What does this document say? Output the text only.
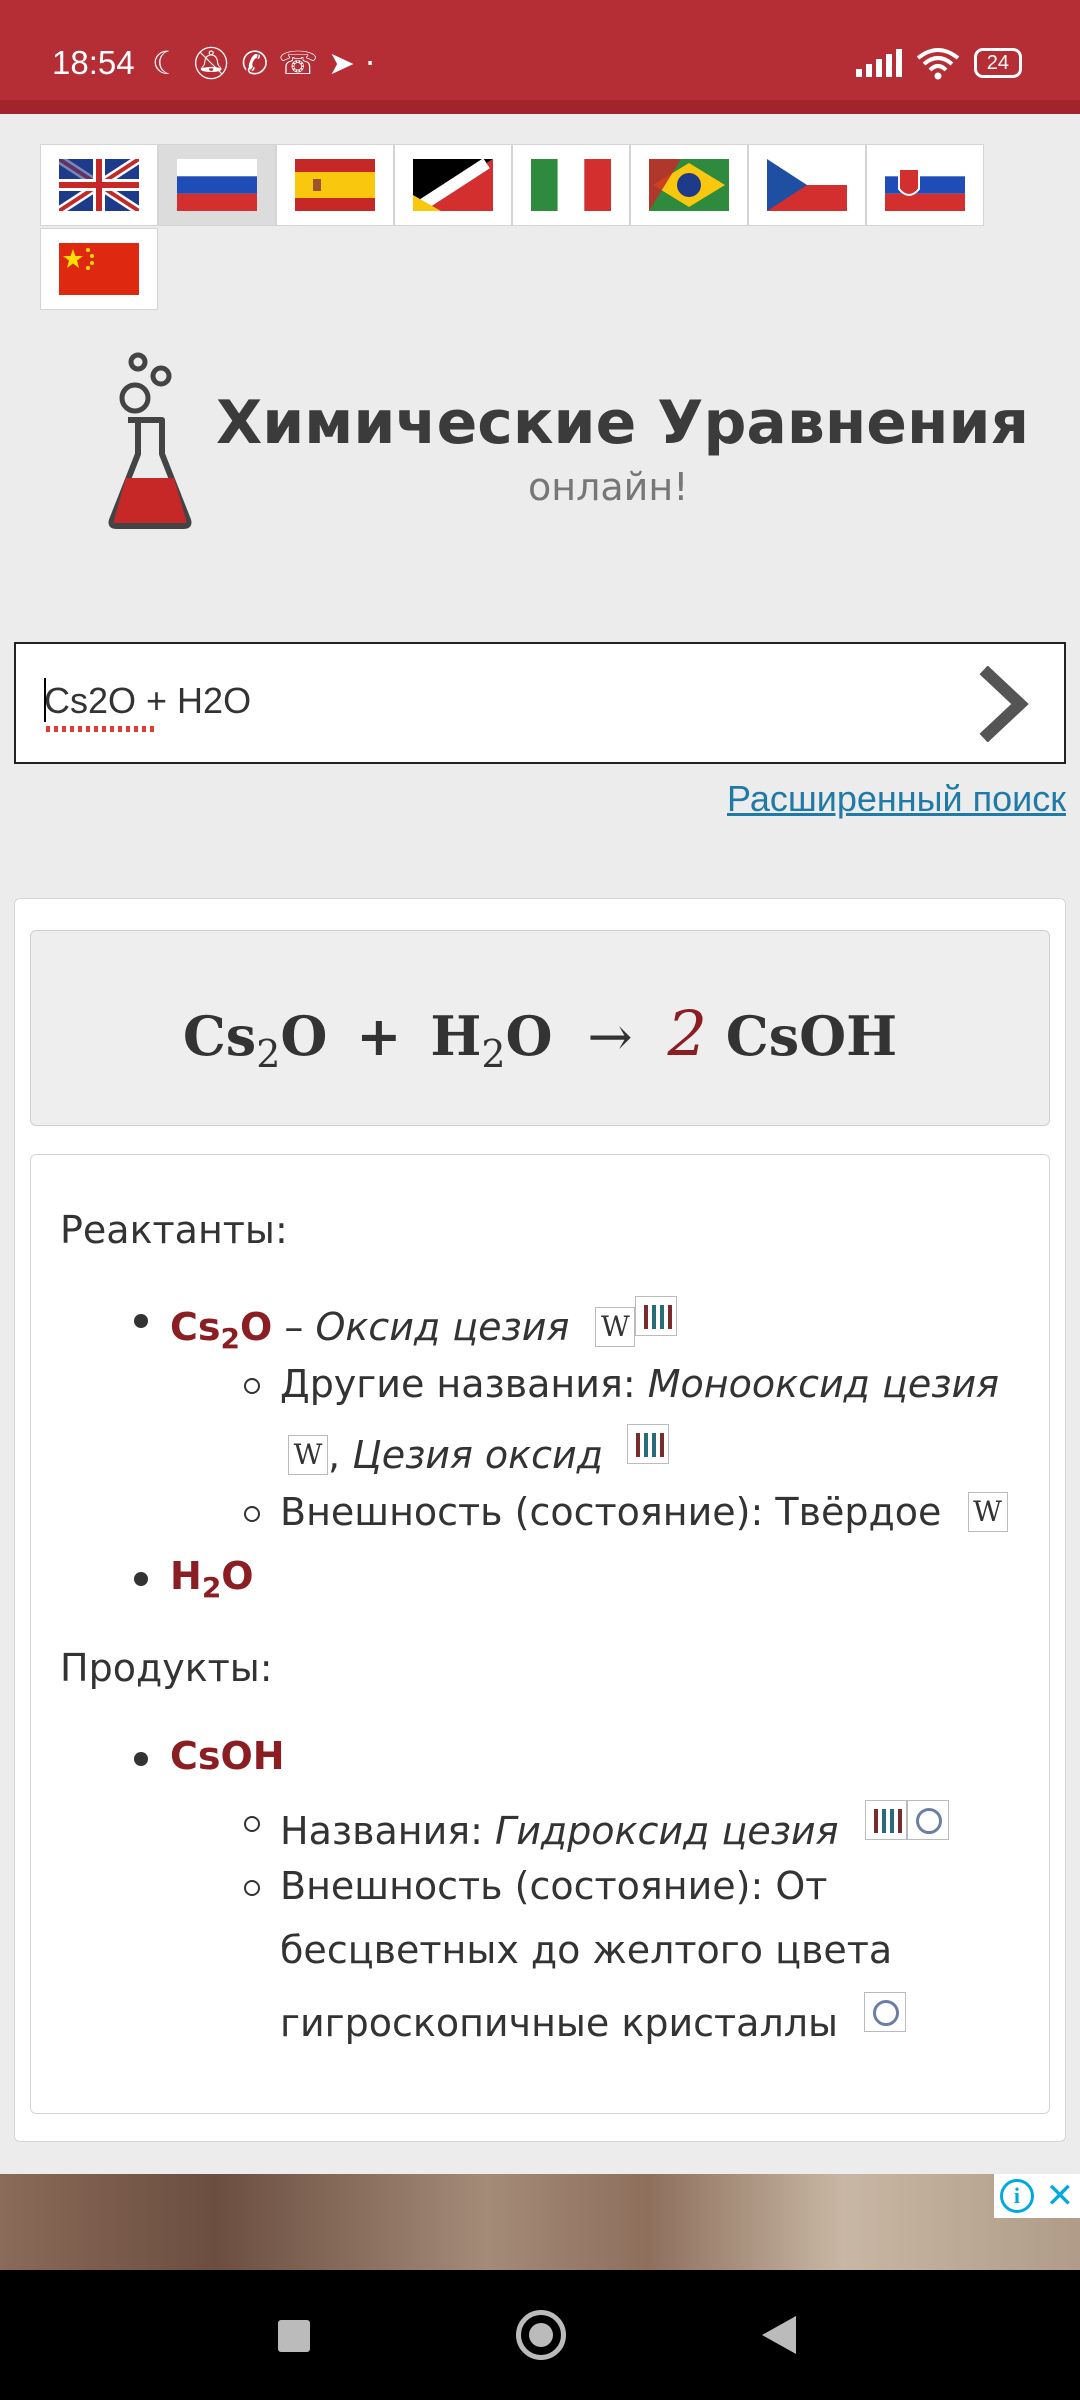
18:54 ☾🔕︎✆☏➤·	24
Химические Уравнения
онлайн!
Cs2O + H2O
Расширенный поиск
$Cs_2O + H_2O \to 2$ CsOH
Реактанты:
$Cs_2O$ – Оксид цезия W
Другие названия: Монооксид цезия
W , Цезия оксид
Внешность (состояние): Твёрдое W
$H_2O$
Продукты:
CsOH
Названия: Гидроксид цезия
Внешность (состояние): От
бесцветных до желтого цвета
гигроскопичные кристаллы
i ✕
